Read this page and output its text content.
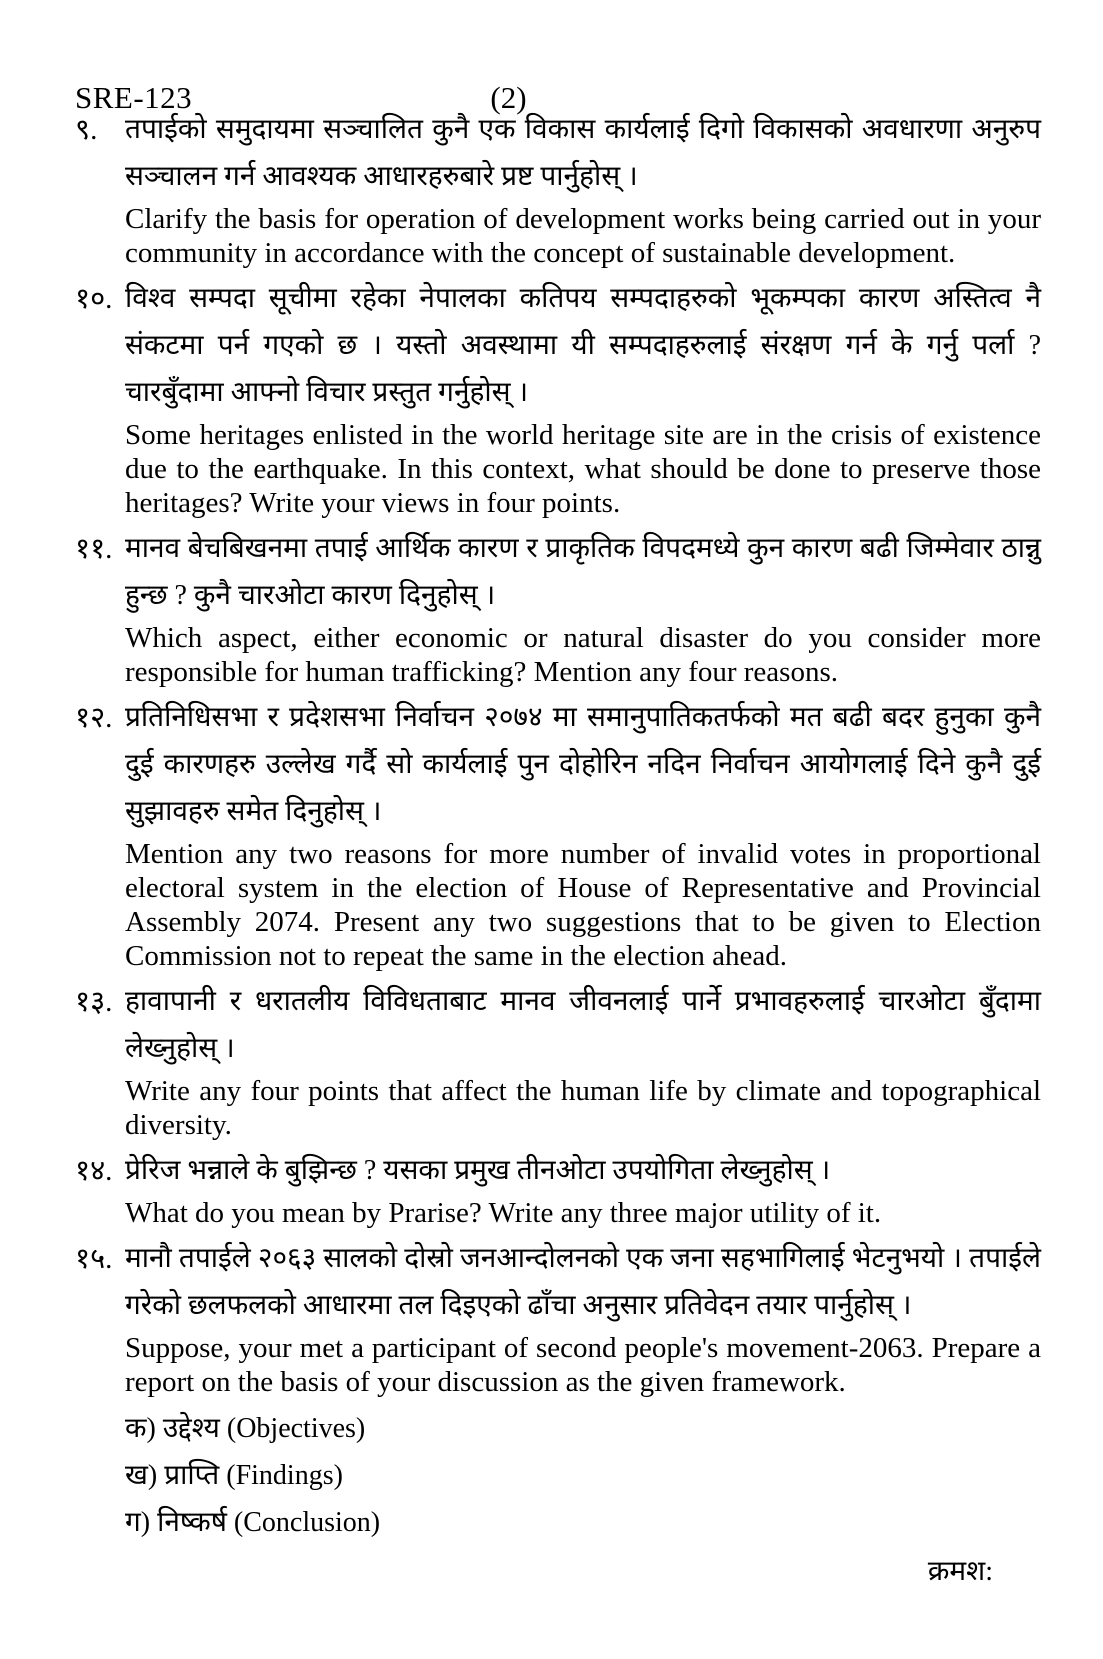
SRE-123	(2)
९. तपाईको समुदायमा सञ्चालित कुनै एक विकास कार्यलाई दिगो विकासको अवधारणा अनुरुप सञ्चालन गर्न आवश्यक आधारहरुबारे प्रष्ट पार्नुहोस् ।

Clarify the basis for operation of development works being carried out in your community in accordance with the concept of sustainable development.

१०. विश्व सम्पदा सूचीमा रहेका नेपालका कतिपय सम्पदाहरुको भूकम्पका कारण अस्तित्व नै संकटमा पर्न गएको छ । यस्तो अवस्थामा यी सम्पदाहरुलाई संरक्षण गर्न के गर्नु पर्ला ? चारबुँदामा आफ्नो विचार प्रस्तुत गर्नुहोस् ।

Some heritages enlisted in the world heritage site are in the crisis of existence due to the earthquake. In this context, what should be done to preserve those heritages? Write your views in four points.

११. मानव बेचबिखनमा तपाई आर्थिक कारण र प्राकृतिक विपदमध्ये कुन कारण बढी जिम्मेवार ठान्नु हुन्छ ? कुनै चारओटा कारण दिनुहोस् ।

Which aspect, either economic or natural disaster do you consider more responsible for human trafficking? Mention any four reasons.

१२. प्रतिनिधिसभा र प्रदेशसभा निर्वाचन २०७४ मा समानुपातिकतर्फको मत बढी बदर हुनुका कुनै दुई कारणहरु उल्लेख गर्दै सो कार्यलाई पुन दोहोरिन नदिन निर्वाचन आयोगलाई दिने कुनै दुई सुझावहरु समेत दिनुहोस् ।

Mention any two reasons for more number of invalid votes in proportional electoral system in the election of House of Representative and Provincial Assembly 2074. Present any two suggestions that to be given to Election Commission not to repeat the same in the election ahead.

१३. हावापानी र धरातलीय विविधताबाट मानव जीवनलाई पार्ने प्रभावहरुलाई चारओटा बुँदामा लेख्नुहोस् ।

Write any four points that affect the human life by climate and topographical diversity.

१४. प्रेरिज भन्नाले के बुझिन्छ ? यसका प्रमुख तीनओटा उपयोगिता लेख्नुहोस् ।

What do you mean by Prarise? Write any three major utility of it.

१५. मानौ तपाईले २०६३ सालको दोस्रो जनआन्दोलनको एक जना सहभागिलाई भेटनुभयो । तपाईले गरेको छलफलको आधारमा तल दिइएको ढाँचा अनुसार प्रतिवेदन तयार पार्नुहोस् ।

Suppose, your met a participant of second people's movement-2063. Prepare a report on the basis of your discussion as the given framework.

क) उद्देश्य (Objectives)
ख) प्राप्ति (Findings)
ग) निष्कर्ष (Conclusion)
क्रमश:
